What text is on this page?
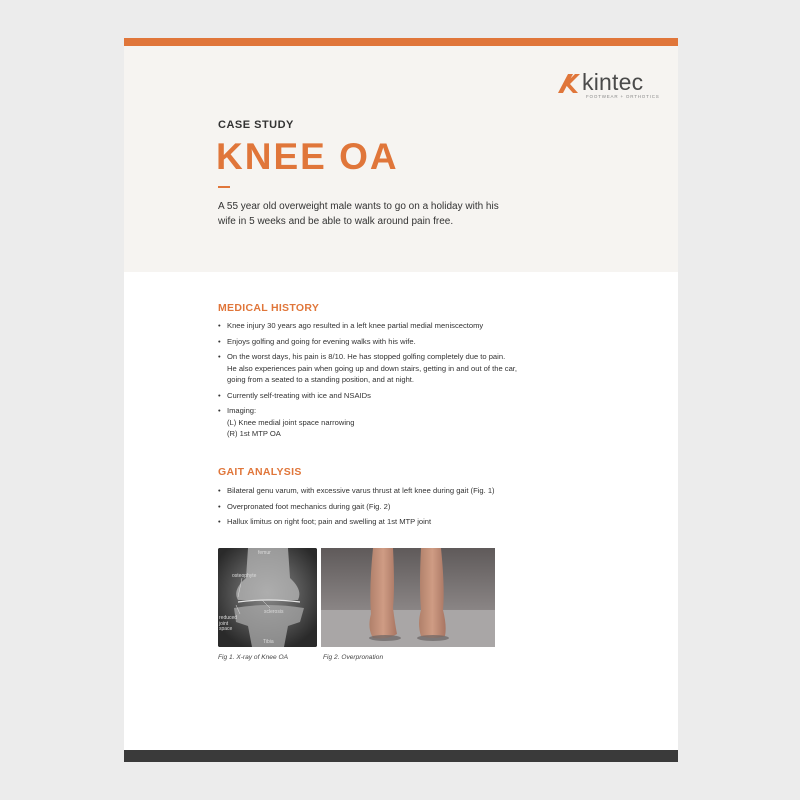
kintec
FOOTWEAR + ORTHOTICS
CASE STUDY
KNEE OA
A 55 year old overweight male wants to go on a holiday with his wife in 5 weeks and be able to walk around pain free.
MEDICAL HISTORY
• Knee injury 30 years ago resulted in a left knee partial medial meniscectomy
• Enjoys golfing and going for evening walks with his wife.
• On the worst days, his pain is 8/10. He has stopped golfing completely due to pain.
He also experiences pain when going up and down stairs, getting in and out of the car,
going from a seated to a standing position, and at night.
• Currently self-treating with ice and NSAIDs
• Imaging:
(L) Knee medial joint space narrowing
(R) 1st MTP OA
GAIT ANALYSIS
• Bilateral genu varum, with excessive varus thrust at left knee during gait (Fig. 1)
• Overpronated foot mechanics during gait (Fig. 2)
• Hallux limitus on right foot; pain and swelling at 1st MTP joint
femur
osteophyte
sclerosis
reduced joint space
Tibia
Fig 1. X-ray of Knee OA	Fig 2. Overpronation
